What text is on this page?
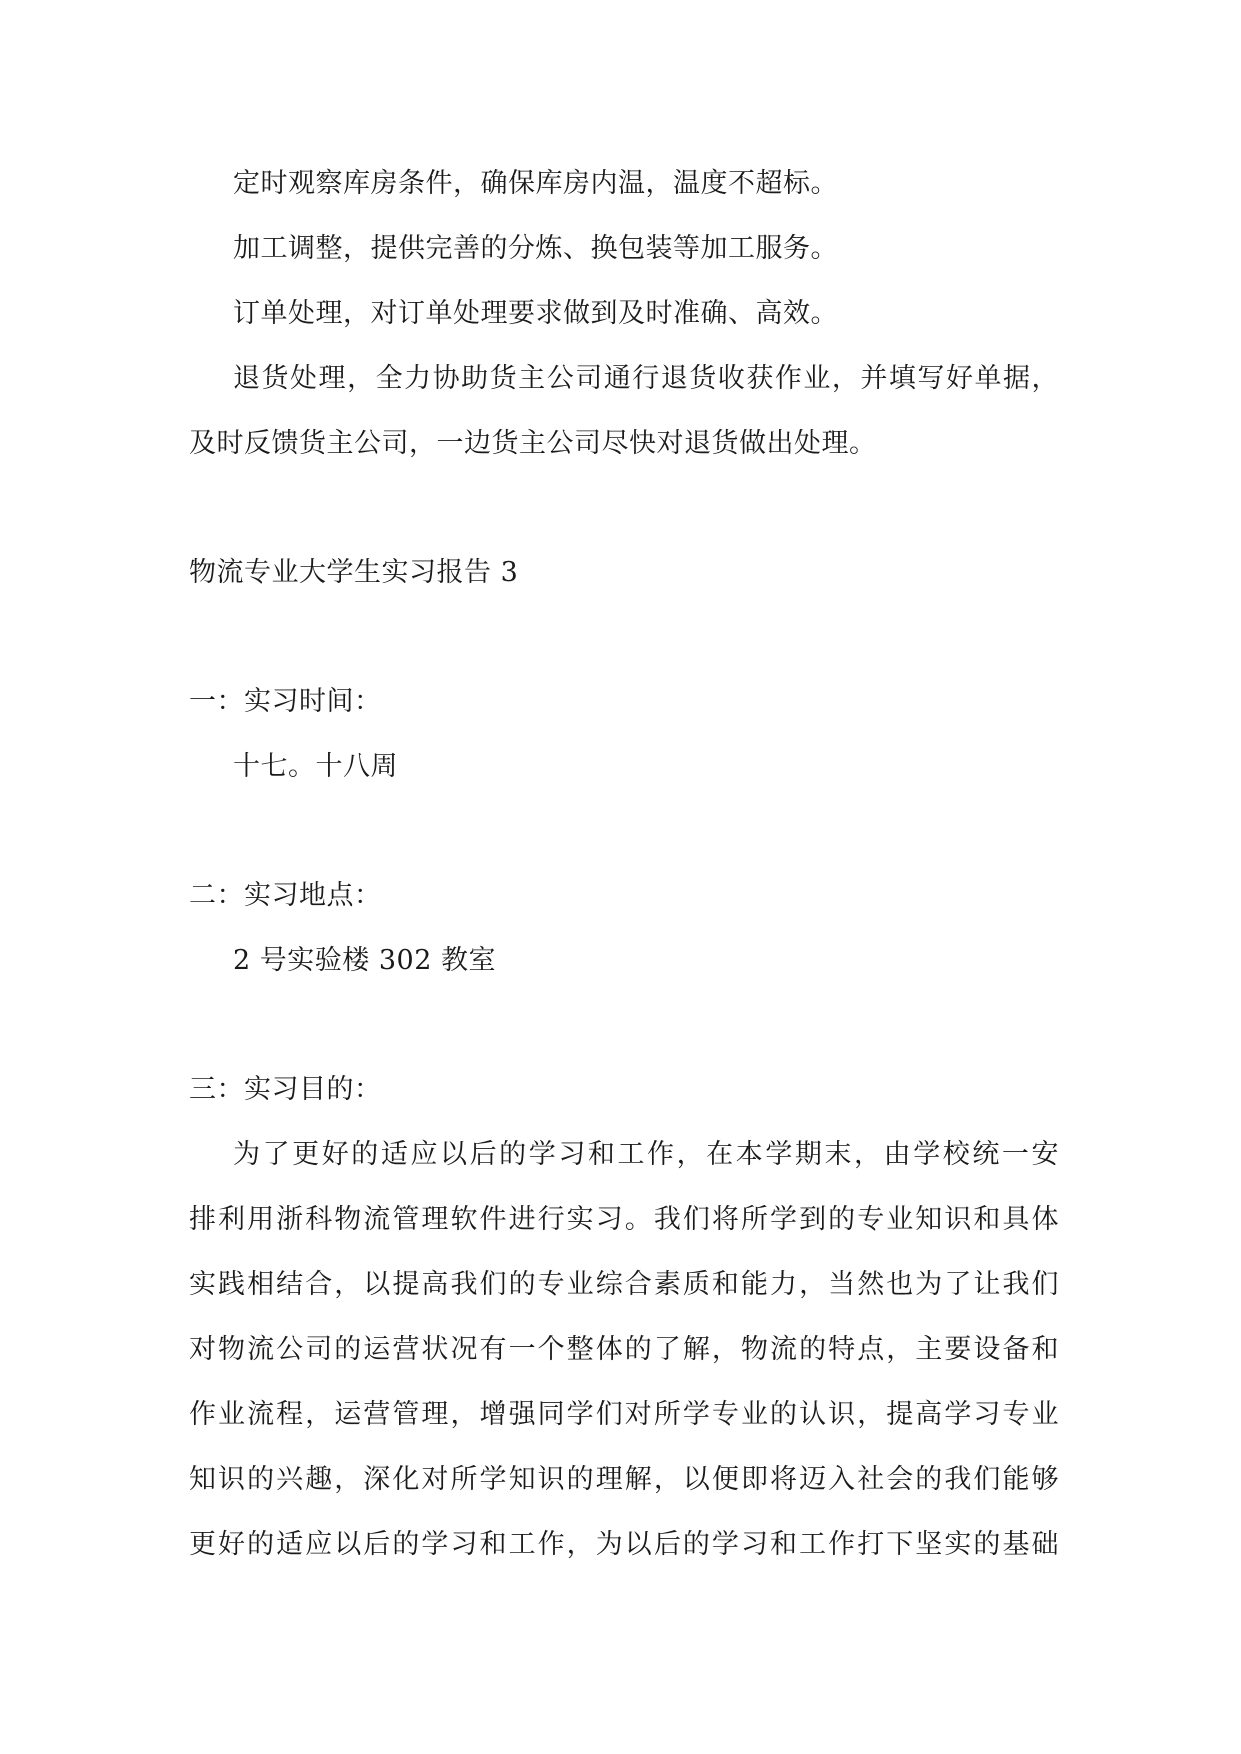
定时观察库房条件，确保库房内温，温度不超标。
加工调整，提供完善的分炼、换包装等加工服务。
订单处理，对订单处理要求做到及时准确、高效。
退货处理，全力协助货主公司通行退货收获作业，并填写好单据，
及时反馈货主公司，一边货主公司尽快对退货做出处理。
物流专业大学生实习报告 3
一：实习时间：
十七。十八周
二：实习地点：
2 号实验楼 302 教室
三：实习目的：
为了更好的适应以后的学习和工作，在本学期末，由学校统一安
排利用浙科物流管理软件进行实习。我们将所学到的专业知识和具体
实践相结合，以提高我们的专业综合素质和能力，当然也为了让我们
对物流公司的运营状况有一个整体的了解，物流的特点，主要设备和
作业流程，运营管理，增强同学们对所学专业的认识，提高学习专业
知识的兴趣，深化对所学知识的理解，以便即将迈入社会的我们能够
更好的适应以后的学习和工作，为以后的学习和工作打下坚实的基础
